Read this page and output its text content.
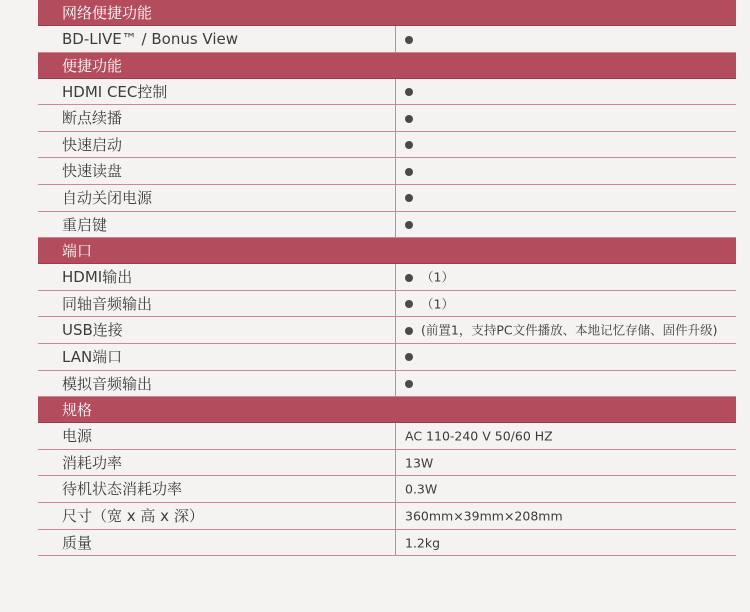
网络便捷功能
BD-LIVE™ / Bonus View
便捷功能
HDMI CEC控制
断点续播
快速启动
快速读盘
自动关闭电源
重启键
端口
HDMI输出	（1）
同轴音频输出	（1）
USB连接	(前置1，支持PC文件播放、本地记忆存储、固件升级)
LAN端口
模拟音频输出
规格
电源	AC 110-240 V 50/60 HZ
消耗功率	13W
待机状态消耗功率	0.3W
尺寸（宽 x 高 x 深）	360mm×39mm×208mm
质量	1.2kg
